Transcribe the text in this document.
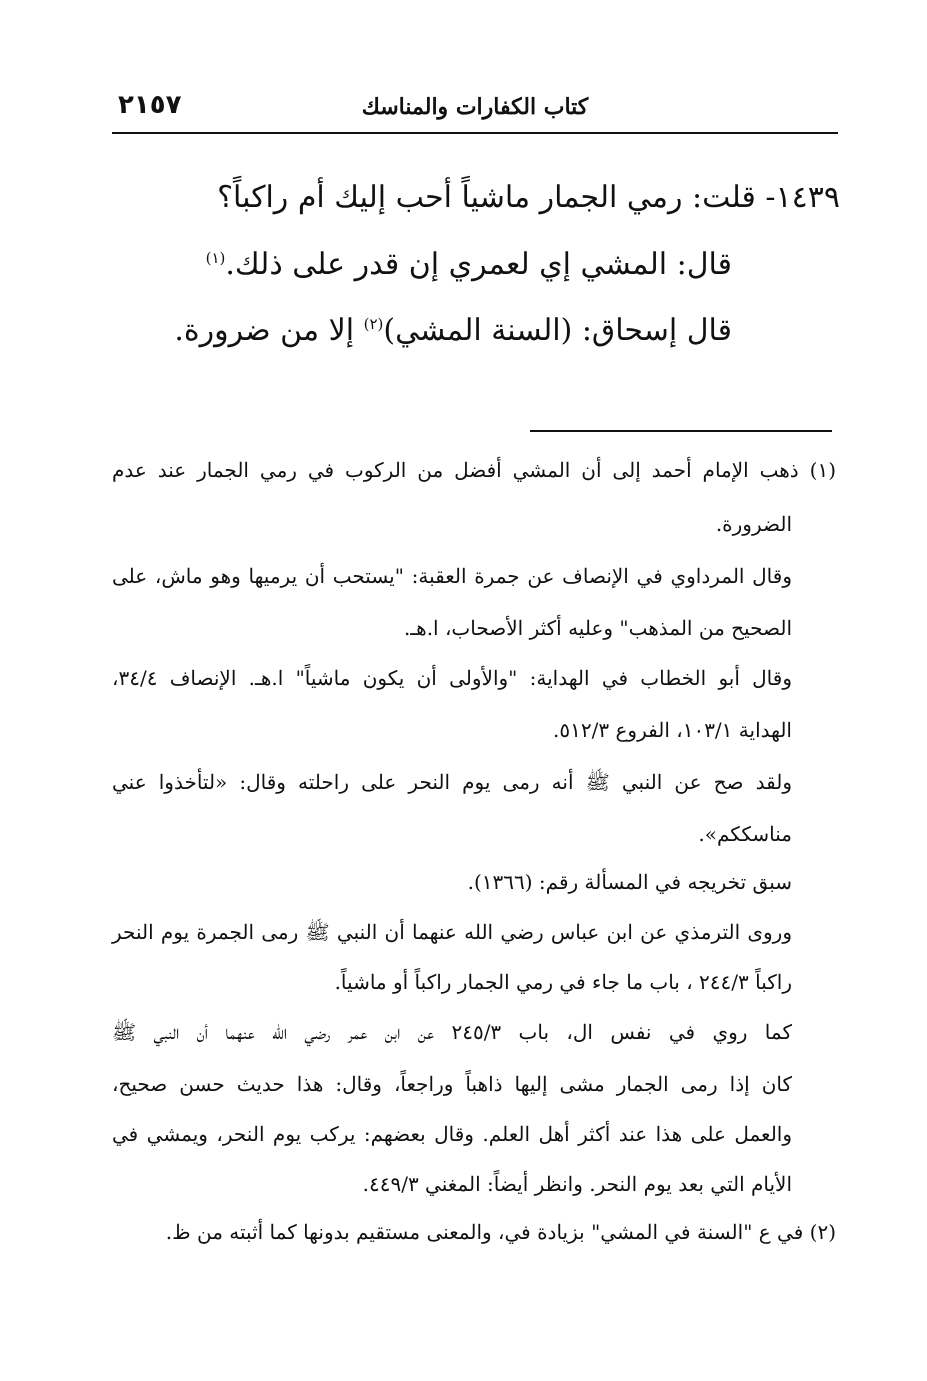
٢١٥٧	كتاب الكفارات والمناسك
١٤٣٩- قلت: رمي الجمار ماشياً أحب إليك أم راكباً؟
قال: المشي إي لعمري إن قدر على ذلك.$^{(١)}$
قال إسحاق: (السنة المشي)$^{(٢)}$ إلا من ضرورة.
(١) ذهب الإمام أحمد إلى أن المشي أفضل من الركوب في رمي الجمار عند عدم
الضرورة.
وقال المرداوي في الإنصاف عن جمرة العقبة: "يستحب أن يرميها وهو ماش، على
الصحيح من المذهب" وعليه أكثر الأصحاب، ا.هـ.
وقال أبو الخطاب في الهداية: "والأولى أن يكون ماشياً" ا.هـ. الإنصاف ٣٤/٤،
الهداية ١٠٣/١، الفروع ٥١٢/٣.
ولقد صح عن النبي ﷺ أنه رمى يوم النحر على راحلته وقال: «لتأخذوا عني
مناسككم».
سبق تخريجه في المسألة رقم: (١٣٦٦).
وروى الترمذي عن ابن عباس رضي الله عنهما أن النبي ﷺ رمى الجمرة يوم النحر
راكباً ٢٤٤/٣ ، باب ما جاء في رمي الجمار راكباً أو ماشياً.
كما روي في نفس ال، باب ٢٤٥/٣ عن ابن عمر رضي الله عنهما أن النبي ﷺ
كان إذا رمى الجمار مشى إليها ذاهباً وراجعاً، وقال: هذا حديث حسن صحيح،
والعمل على هذا عند أكثر أهل العلم. وقال بعضهم: يركب يوم النحر، ويمشي في
الأيام التي بعد يوم النحر. وانظر أيضاً: المغني ٤٤٩/٣.
(٢) في ع "السنة في المشي" بزيادة في، والمعنى مستقيم بدونها كما أثبته من ظ.
